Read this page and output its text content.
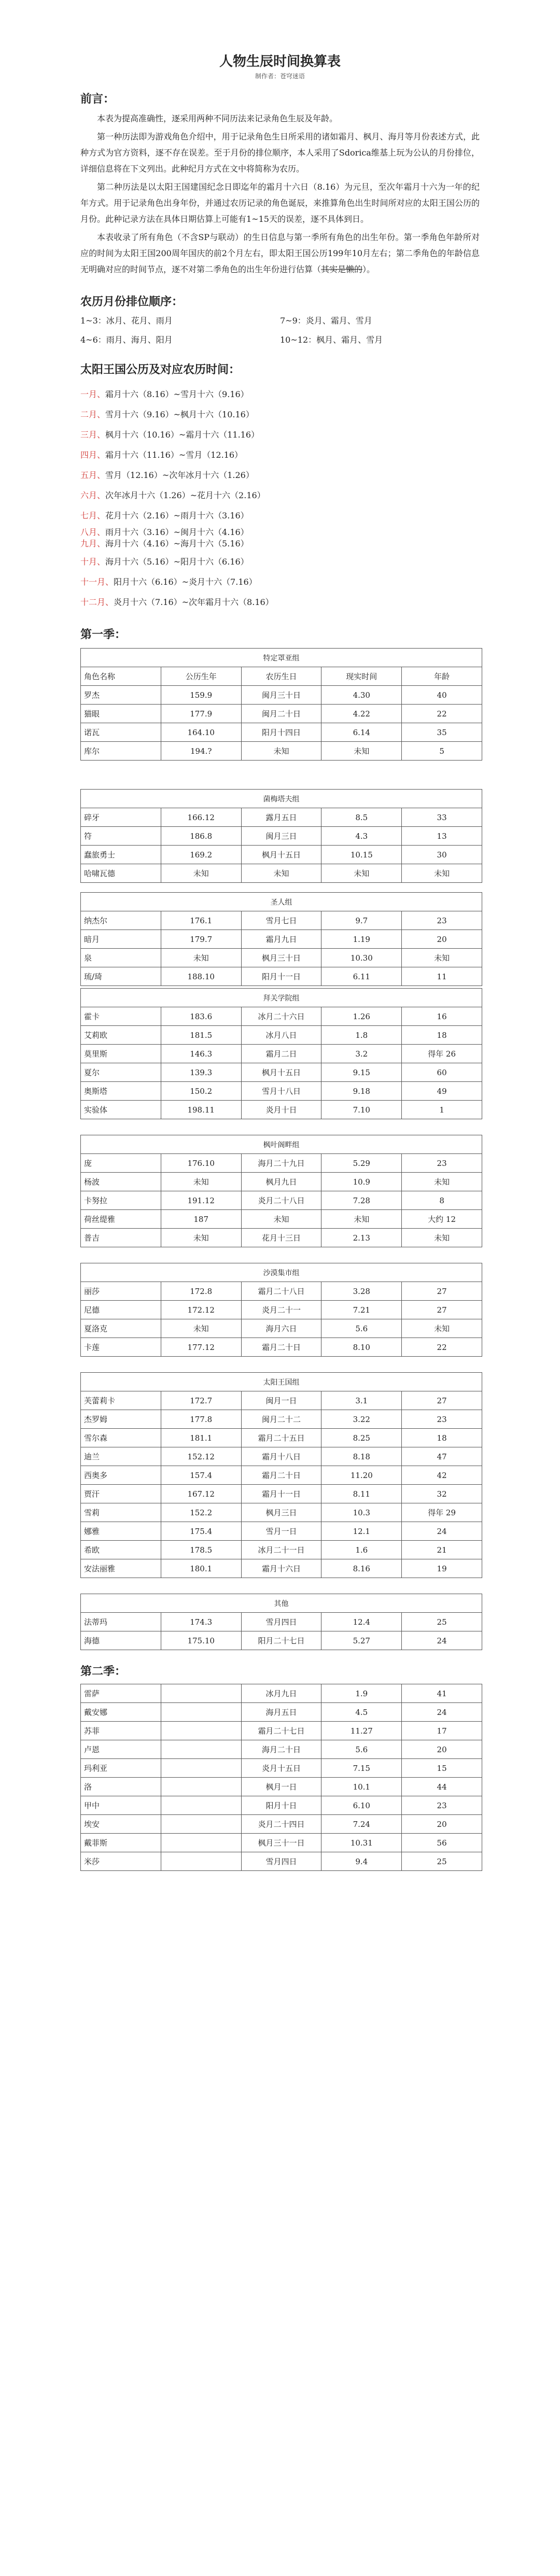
人物生辰时间换算表
制作者：苍穹迷语
前言：

本表为提高准确性，逐采用两种不同历法来记录角色生辰及年龄。

第一种历法即为游戏角色介绍中，用于记录角色生日所采用的诸如霜月、枫月、海月等月份表述方式，此种方式为官方资料，逐不存在误差。至于月份的排位顺序，本人采用了Sdorica维基上玩为公认的月份排位，详细信息将在下文列出。此种纪月方式在文中将简称为农历。

第二种历法是以太阳王国建国纪念日即迄年的霜月十六日（8.16）为元旦，至次年霜月十六为一年的纪年方式。用于记录角色出身年份，并通过农历记录的角色诞辰，来推算角色出生时间所对应的太阳王国公历的月份。此种记录方法在具体日期估算上可能有1~15天的误差，逐不具体到日。

本表收录了所有角色（不含SP与联动）的生日信息与第一季所有角色的出生年份。第一季角色年龄所对应的时间为太阳王国200周年国庆的前2个月左右，即太阳王国公历199年10月左右；第二季角色的年龄信息无明确对应的时间节点，逐不对第二季角色的出生年份进行估算（其实是懒的）。

农历月份排位顺序：
1~3：冰月、花月、雨月	7~9：炎月、霜月、雪月
4~6：雨月、海月、阳月	10~12：枫月、霜月、雪月
太阳王国公历及对应农历时间：
一月、霜月十六（8.16）~雪月十六（9.16）
二月、雪月十六（9.16）~枫月十六（10.16）
三月、枫月十六（10.16）~霜月十六（11.16）
四月、霜月十六（11.16）~雪月（12.16）
五月、雪月（12.16）~次年冰月十六（1.26）
六月、次年冰月十六（1.26）~花月十六（2.16）
七月、花月十六（2.16）~雨月十六（3.16）
八月、雨月十六（3.16）~闽月十六（4.16）
九月、海月十六（4.16）~海月十六（5.16）
十月、海月十六（5.16）~阳月十六（6.16）
十一月、阳月十六（6.16）~炎月十六（7.16）
十二月、炎月十六（7.16）~次年霜月十六（8.16）
第一季：
特定罩亚组				
角色名称	公历生年	农历生日	现实时间	年龄
罗杰	159.9	闽月三十日	4.30	40
猫眼	177.9	闽月二十日	4.22	22
诺瓦	164.10	阳月十四日	6.14	35
库尔	194.?	未知	未知	5
菌梅塔夫组				
碎牙	166.12	露月五日	8.5	33
符	186.8	闽月三日	4.3	13
蠢旅勇士	169.2	枫月十五日	10.15	30
哈啸瓦德	未知	未知	未知	未知
圣人组				
纳杰尔	176.1	雪月七日	9.7	23
暗月	179.7	霜月九日	1.19	20
泉	未知	枫月三十日	10.30	未知
琉/琦	188.10	阳月十一日	6.11	11
拜关学院组				
霍卡	183.6	冰月二十六日	1.26	16
艾莉欧	181.5	冰月八日	1.8	18
莫里斯	146.3	霜月二日	3.2	得年 26
夏尔	139.3	枫月十五日	9.15	60
奥斯塔	150.2	雪月十八日	9.18	49
实验体	198.11	炎月十日	7.10	1
枫叶阁畔组				
庞	176.10	海月二十九日	5.29	23
杨波	未知	枫月九日	10.9	未知
卡努拉	191.12	炎月二十八日	7.28	8
荷丝缇雅	187	未知	未知	大约 12
普吉	未知	花月十三日	2.13	未知
沙漠集市组				
丽莎	172.8	霜月二十八日	3.28	27
尼德	172.12	炎月二十一	7.21	27
夏洛克	未知	海月六日	5.6	未知
卡莲	177.12	霜月二十日	8.10	22
太阳王国组				
芙蕾莉卡	172.7	闽月一日	3.1	27
杰罗姆	177.8	闽月二十二	3.22	23
雪尔森	181.1	霜月二十五日	8.25	18
迪兰	152.12	霜月十八日	8.18	47
西奥多	157.4	霜月二十日	11.20	42
贾汗	167.12	霜月十一日	8.11	32
雪莉	152.2	枫月三日	10.3	得年 29
娜雅	175.4	雪月一日	12.1	24
希欧	178.5	冰月二十一日	1.6	21
安法丽雅	180.1	霜月十六日	8.16	19
其他				
法蒂玛	174.3	雪月四日	12.4	25
海德	175.10	阳月二十七日	5.27	24
第二季：
雷萨		冰月九日	1.9	41
戴安娜		海月五日	4.5	24
苏菲		霜月二十七日	11.27	17
卢恩		海月二十日	5.6	20
玛利亚		炎月十五日	7.15	15
洛		枫月一日	10.1	44
甲中		阳月十日	6.10	23
埃安		炎月二十四日	7.24	20
戴菲斯		枫月三十一日	10.31	56
米莎		雪月四日	9.4	25
